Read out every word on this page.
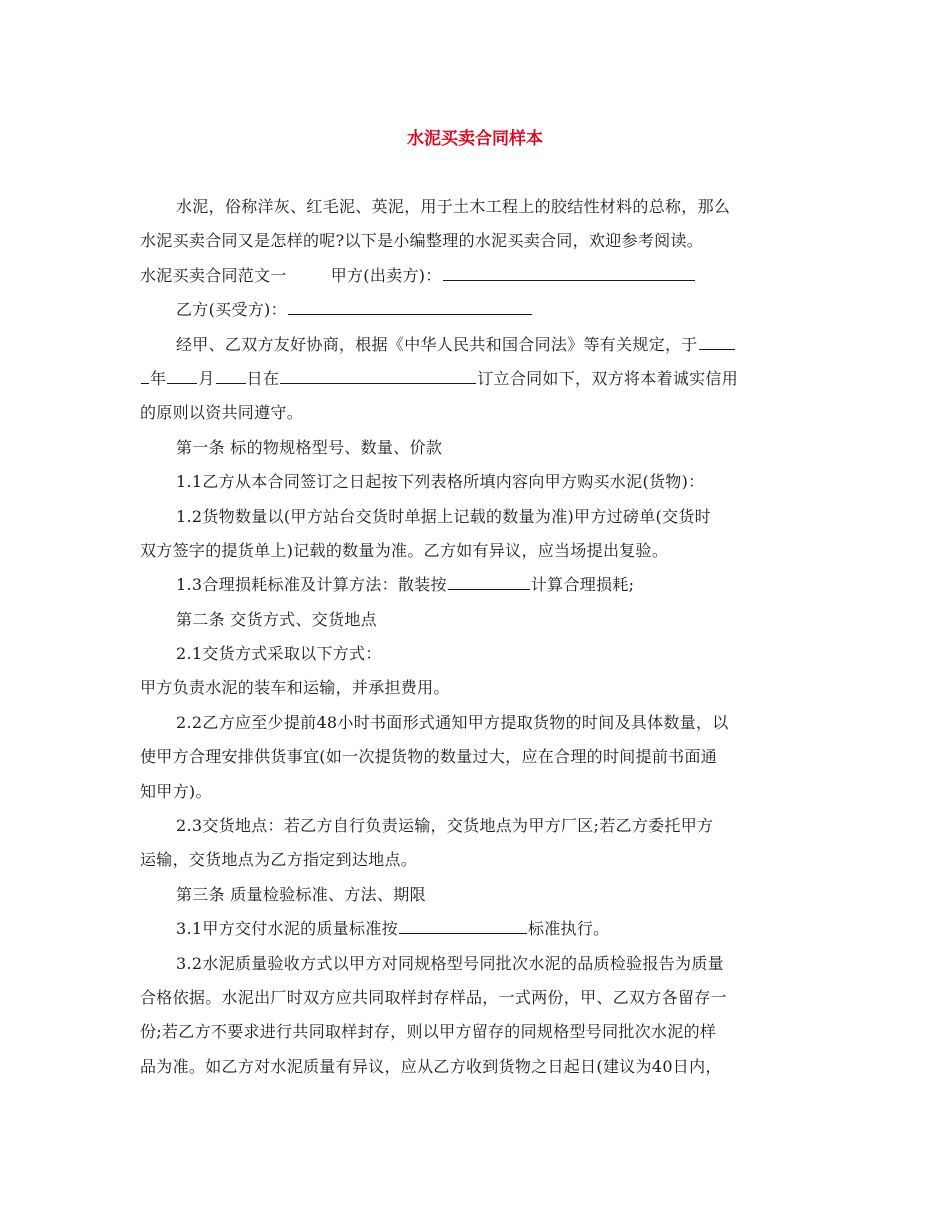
水泥买卖合同样本
水泥，俗称洋灰、红毛泥、英泥，用于土木工程上的胶结性材料的总称，那么
水泥买卖合同又是怎样的呢?以下是小编整理的水泥买卖合同，欢迎参考阅读。
水泥买卖合同范文一	甲方(出卖方)：
乙方(买受方)：
经甲、乙双方友好协商，根据《中华人民共和国合同法》等有关规定，于
年 月 日在	订立合同如下，双方将本着诚实信用
的原则以资共同遵守。
第一条 标的物规格型号、数量、价款
1.1乙方从本合同签订之日起按下列表格所填内容向甲方购买水泥(货物)：
1.2货物数量以(甲方站台交货时单据上记载的数量为准)甲方过磅单(交货时
双方签字的提货单上)记载的数量为准。乙方如有异议，应当场提出复验。
1.3合理损耗标准及计算方法：散装按	计算合理损耗;
第二条 交货方式、交货地点
2.1交货方式采取以下方式：
甲方负责水泥的装车和运输，并承担费用。
2.2乙方应至少提前48小时书面形式通知甲方提取货物的时间及具体数量，以
使甲方合理安排供货事宜(如一次提货物的数量过大，应在合理的时间提前书面通
知甲方)。
2.3交货地点：若乙方自行负责运输，交货地点为甲方厂区;若乙方委托甲方
运输，交货地点为乙方指定到达地点。
第三条 质量检验标准、方法、期限
3.1甲方交付水泥的质量标准按	标准执行。
3.2水泥质量验收方式以甲方对同规格型号同批次水泥的品质检验报告为质量
合格依据。水泥出厂时双方应共同取样封存样品，一式两份，甲、乙双方各留存一
份;若乙方不要求进行共同取样封存，则以甲方留存的同规格型号同批次水泥的样
品为准。如乙方对水泥质量有异议，应从乙方收到货物之日起日(建议为40日内，
